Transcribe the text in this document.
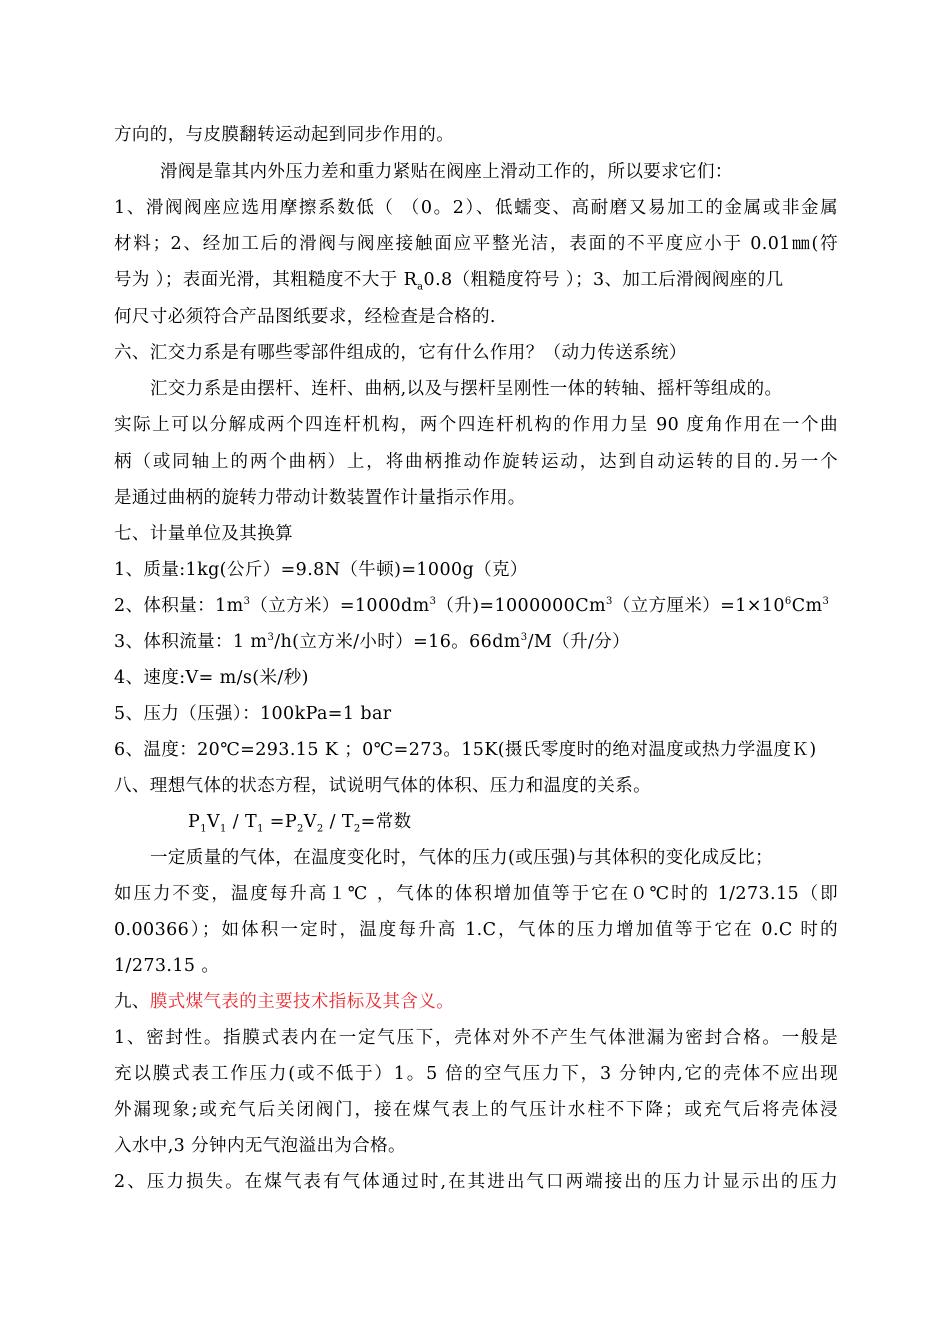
方向的，与皮膜翻转运动起到同步作用的。
滑阀是靠其内外压力差和重力紧贴在阀座上滑动工作的，所以要求它们：
1、滑阀阀座应选用摩擦系数低（ （0。2）、低蠕变、高耐磨又易加工的金属或非金属
材料；2、经加工后的滑阀与阀座接触面应平整光洁，表面的不平度应小于 0.01㎜(符
号为 ）；表面光滑，其粗糙度不大于 $R_a0.8$（粗糙度符号 ）；3、加工后滑阀阀座的几
何尺寸必须符合产品图纸要求，经检查是合格的.
六、汇交力系是有哪些零部件组成的，它有什么作用？（动力传送系统）
汇交力系是由摆杆、连杆、曲柄,以及与摆杆呈刚性一体的转轴、摇杆等组成的。
实际上可以分解成两个四连杆机构，两个四连杆机构的作用力呈 90 度角作用在一个曲
柄（或同轴上的两个曲柄）上，将曲柄推动作旋转运动，达到自动运转的目的.另一个
是通过曲柄的旋转力带动计数装置作计量指示作用。
七、计量单位及其换算
1、质量:1kg(公斤）=9.8N（牛顿)=1000g（克）
2、体积量：$1m^3$（立方米）$=1000dm^3$（升)$=1000000Cm^3$（立方厘米）$=1\times 10^6Cm^3$
3、体积流量：1 $m^3/h$(立方米/小时）=16。$66dm^3/M$（升/分）
4、速度:V= m/s(米/秒)
5、压力（压强）：100kPa=1 bar
6、温度：20℃=293.15 K ；0℃=273。15K(摄氏零度时的绝对温度或热力学温度Ｋ)
八、理想气体的状态方程，试说明气体的体积、压力和温度的关系。
$P_1V_1 / T_1 =P_2V_2 / T_2=$常数
一定质量的气体，在温度变化时，气体的压力(或压强)与其体积的变化成反比；
如压力不变，温度每升高１℃ ，气体的体积增加值等于它在０℃时的 1/273.15（即
0.00366）；如体积一定时，温度每升高 1.C，气体的压力增加值等于它在 0.C 时的
1/273.15 。
九、膜式煤气表的主要技术指标及其含义。
1、密封性。指膜式表内在一定气压下，壳体对外不产生气体泄漏为密封合格。一般是
充以膜式表工作压力(或不低于）1。5 倍的空气压力下，3 分钟内,它的壳体不应出现
外漏现象;或充气后关闭阀门，接在煤气表上的气压计水柱不下降；或充气后将壳体浸
入水中,3 分钟内无气泡溢出为合格。
2、压力损失。在煤气表有气体通过时,在其进出气口两端接出的压力计显示出的压力
